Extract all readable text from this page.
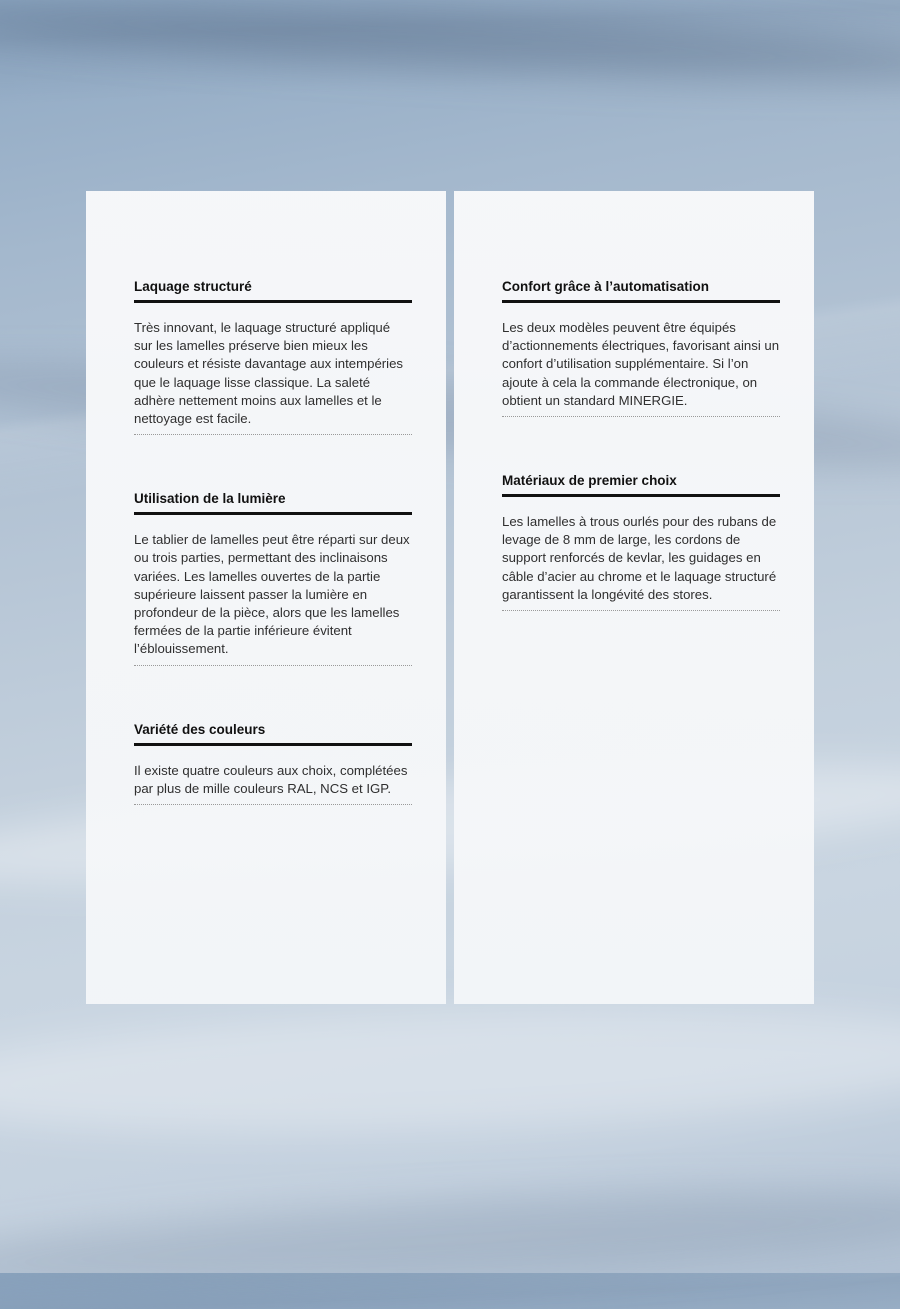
Laquage structuré
Très innovant, le laquage structuré appliqué sur les lamelles préserve bien mieux les couleurs et résiste davantage aux intempéries que le laquage lisse classique. La saleté adhère nettement moins aux lamelles et le nettoyage est facile.
Utilisation de la lumière
Le tablier de lamelles peut être réparti sur deux ou trois parties, permettant des inclinaisons variées. Les lamelles ouvertes de la partie supérieure laissent passer la lumière en profondeur de la pièce, alors que les lamelles fermées de la partie inférieure évitent l’éblouissement.
Variété des couleurs
Il existe quatre couleurs aux choix, complétées par plus de mille couleurs RAL, NCS et IGP.
Confort grâce à l’automatisation
Les deux modèles peuvent être équipés d’actionnements électriques, favorisant ainsi un confort d’utilisation supplémentaire. Si l’on ajoute à cela la commande électronique, on obtient un standard MINERGIE.
Matériaux de premier choix
Les lamelles à trous ourlés pour des rubans de levage de 8 mm de large, les cordons de support renforcés de kevlar, les guidages en câble d’acier au chrome et le laquage structuré garantissent la longévité des stores.
